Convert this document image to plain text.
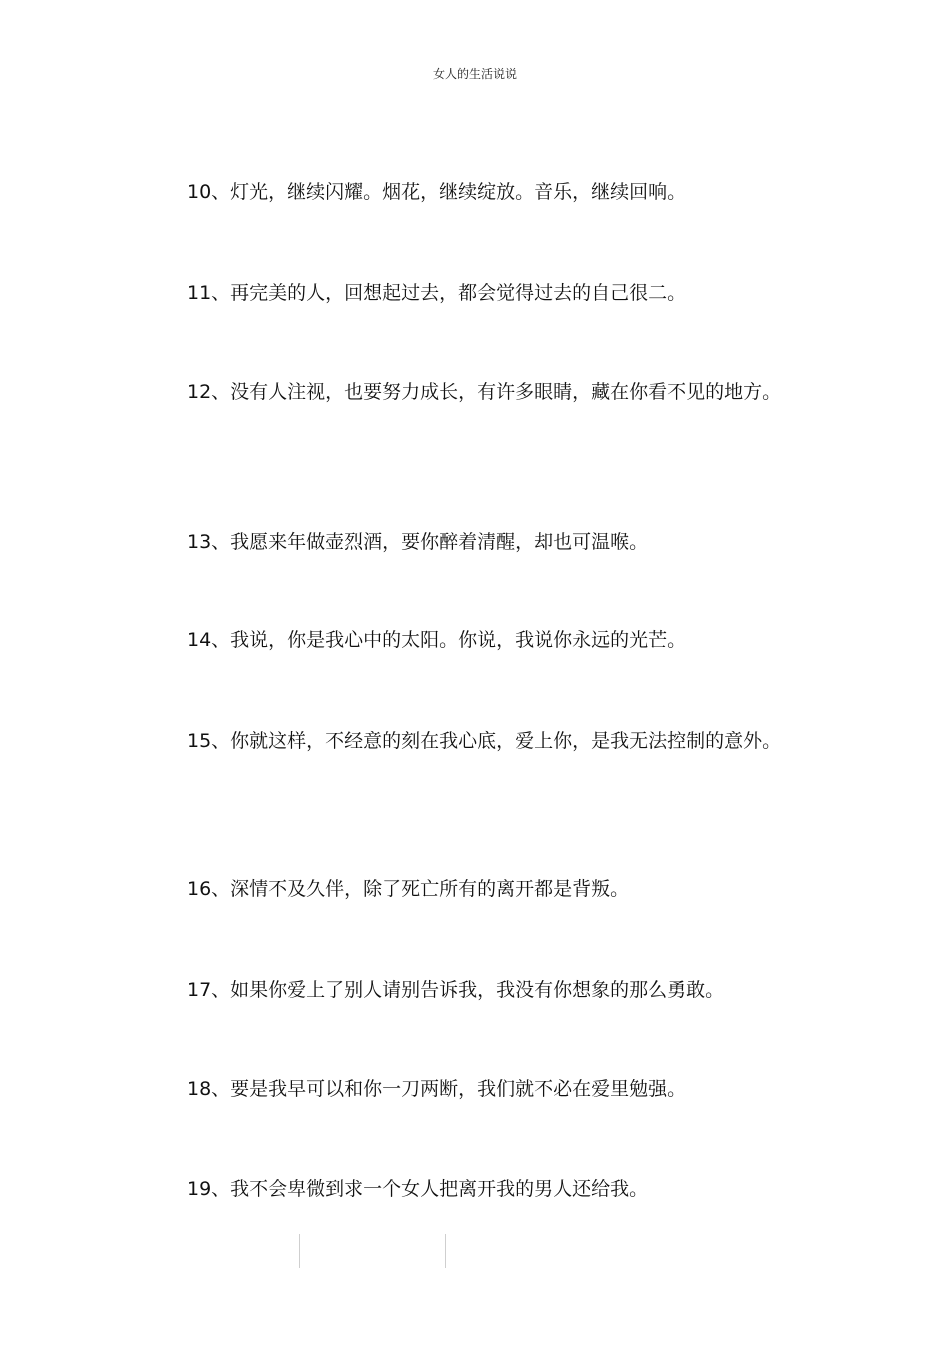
女人的生活说说

10、灯光，继续闪耀。烟花，继续绽放。音乐，继续回响。

11、再完美的人，回想起过去，都会觉得过去的自己很二。

12、没有人注视，也要努力成长，有许多眼睛，藏在你看不见的地方。

13、我愿来年做壶烈酒，要你醉着清醒，却也可温喉。

14、我说，你是我心中的太阳。你说，我说你永远的光芒。

15、你就这样，不经意的刻在我心底，爱上你，是我无法控制的意外。

16、深情不及久伴，除了死亡所有的离开都是背叛。

17、如果你爱上了别人请别告诉我，我没有你想象的那么勇敢。

18、要是我早可以和你一刀两断，我们就不必在爱里勉强。

19、我不会卑微到求一个女人把离开我的男人还给我。
